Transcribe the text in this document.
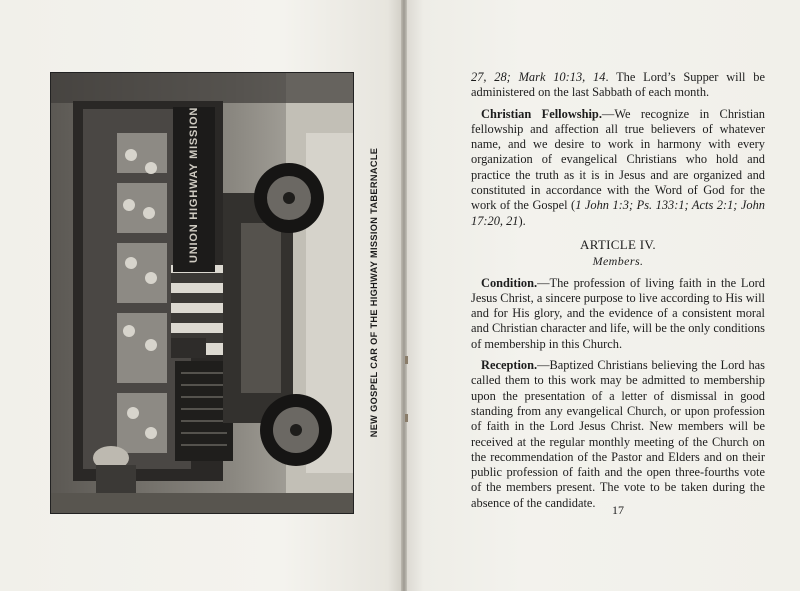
UNION HIGHWAY MISSION	NEW GOSPEL CAR OF THE HIGHWAY MISSION TABERNACLE

27, 28; Mark 10:13, 14. The Lord’s Supper will be administered on the last Sabbath of each month.

Christian Fellowship.—We recognize in Christian fellowship and affection all true believers of whatever name, and we desire to work in harmony with every organization of evangelical Christians who hold and practice the truth as it is in Jesus and are organized and constituted in accordance with the Word of God for the work of the Gospel (1 John 1:3; Ps. 133:1; Acts 2:1; John 17:20, 21).

ARTICLE IV.
Members.

Condition.—The profession of living faith in the Lord Jesus Christ, a sincere purpose to live according to His will and for His glory, and the evidence of a consistent moral and Christian character and life, will be the only conditions of membership in this Church.

Reception.—Baptized Christians believing the Lord has called them to this work may be admitted to membership upon the presentation of a letter of dismissal in good standing from any evangelical Church, or upon profession of faith in the Lord Jesus Christ. New members will be received at the regular monthly meeting of the Church on the recommendation of the Pastor and Elders and on their public profession of faith and the open three-fourths vote of the members present. The vote to be taken during the absence of the candidate.

17
